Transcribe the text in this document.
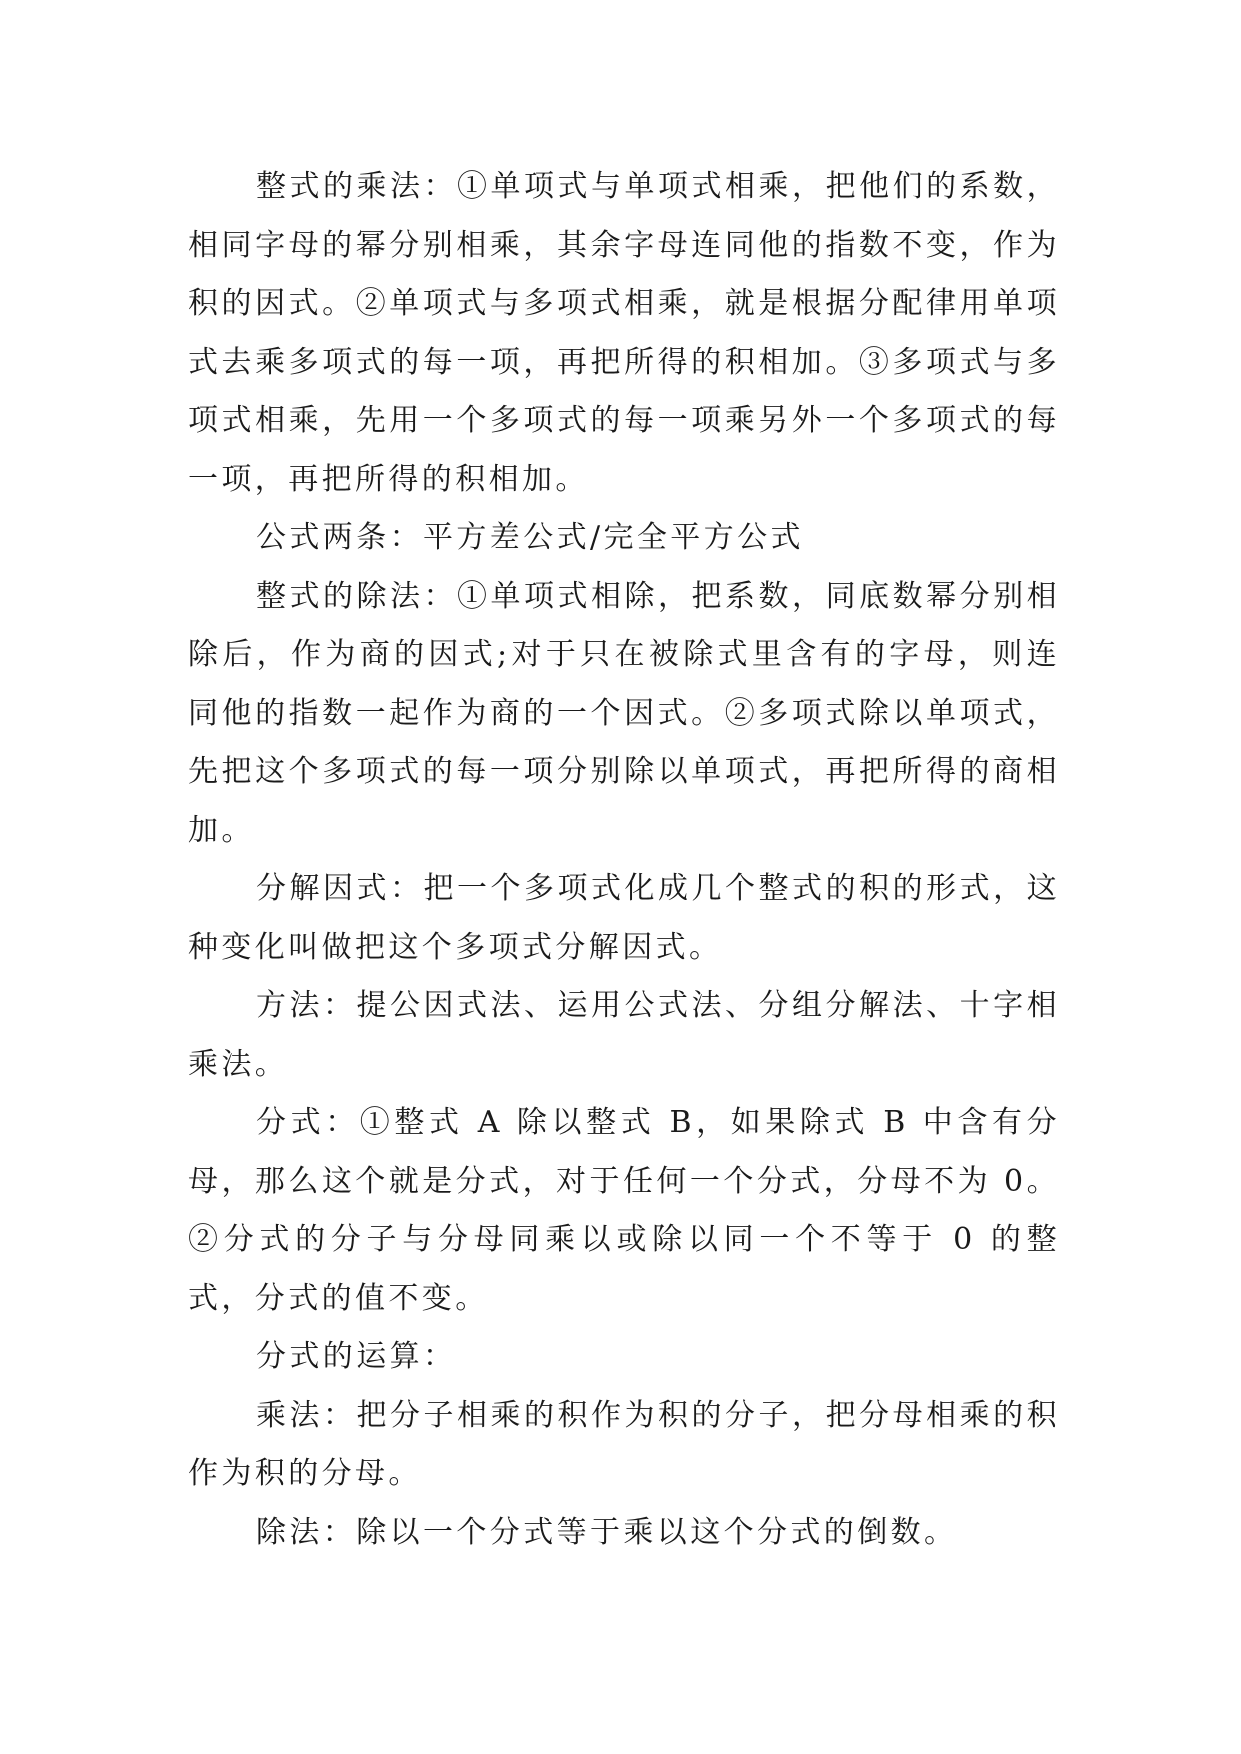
整式的乘法：①单项式与单项式相乘，把他们的系数，相同字母的幂分别相乘，其余字母连同他的指数不变，作为积的因式。②单项式与多项式相乘，就是根据分配律用单项式去乘多项式的每一项，再把所得的积相加。③多项式与多项式相乘，先用一个多项式的每一项乘另外一个多项式的每一项，再把所得的积相加。

公式两条：平方差公式/完全平方公式

整式的除法：①单项式相除，把系数，同底数幂分别相除后，作为商的因式;对于只在被除式里含有的字母，则连同他的指数一起作为商的一个因式。②多项式除以单项式，先把这个多项式的每一项分别除以单项式，再把所得的商相加。

分解因式：把一个多项式化成几个整式的积的形式，这种变化叫做把这个多项式分解因式。

方法：提公因式法、运用公式法、分组分解法、十字相乘法。

分式：①整式 A 除以整式 B，如果除式 B 中含有分母，那么这个就是分式，对于任何一个分式，分母不为 0。②分式的分子与分母同乘以或除以同一个不等于 0 的整式，分式的值不变。

分式的运算：

乘法：把分子相乘的积作为积的分子，把分母相乘的积作为积的分母。

除法：除以一个分式等于乘以这个分式的倒数。
